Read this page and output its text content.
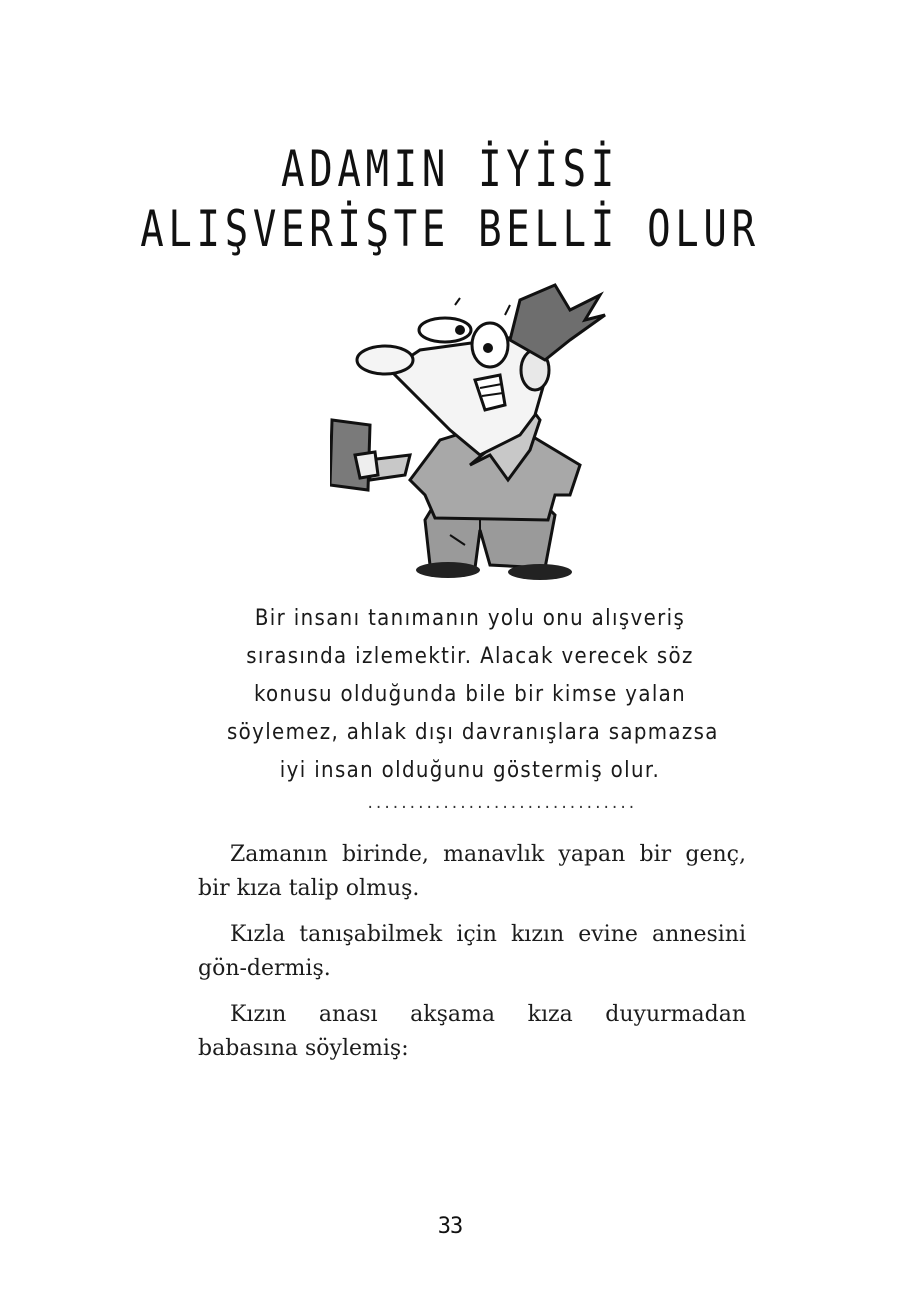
ADAMIN İYİSİ
ALIŞVERİŞTE BELLİ OLUR
Bir insanı tanımanın yolu onu alışveriş
sırasında izlemektir. Alacak verecek söz
konusu olduğunda bile bir kimse yalan
söylemez, ahlak dışı davranışlara sapmazsa
iyi insan olduğunu göstermiş olur.
................................

Zamanın birinde, manavlık yapan bir genç, bir kıza talip olmuş.

Kızla tanışabilmek için kızın evine annesini gön-dermiş.

Kızın anası akşama kıza duyurmadan babasına söylemiş:

33
